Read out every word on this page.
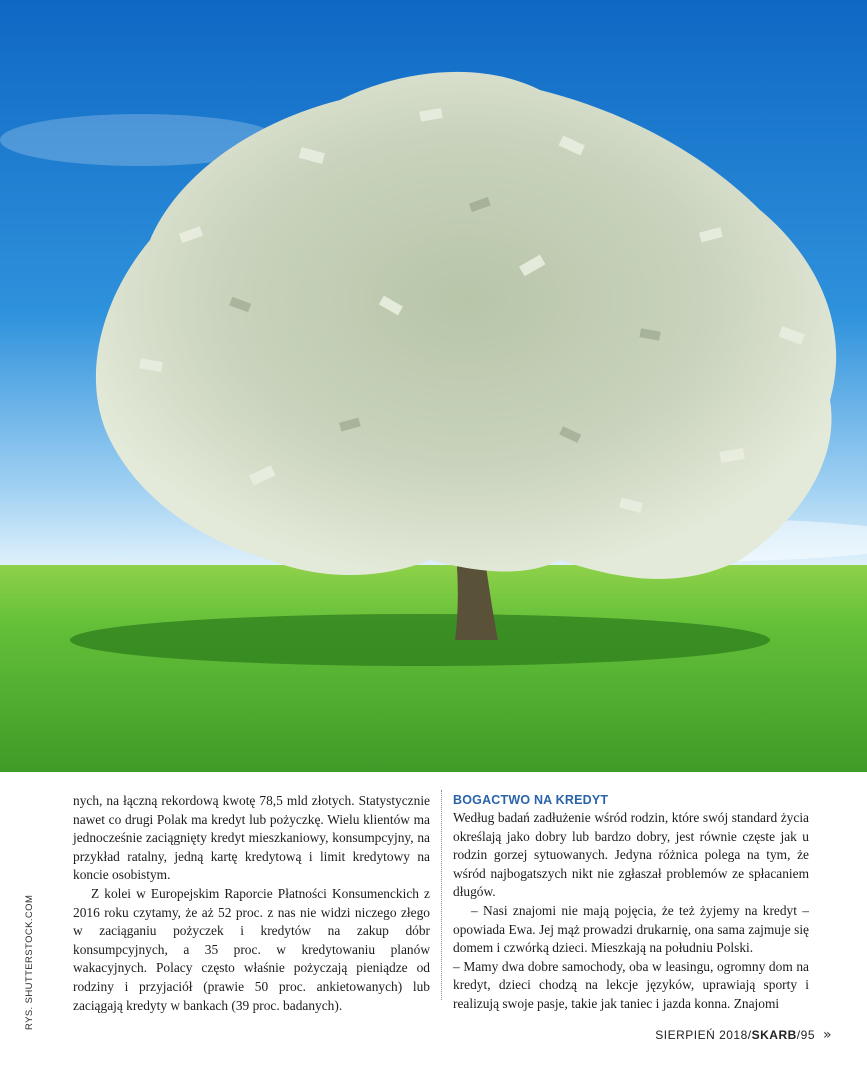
RYS. SHUTTERSTOCK.COM

nych, na łączną rekordową kwotę 78,5 mld złotych. Statystycznie nawet co drugi Polak ma kredyt lub pożyczkę. Wielu klientów ma jednocześnie zaciągnięty kredyt mieszkaniowy, konsumpcyjny, na przykład ratalny, jedną kartę kredytową i limit kredytowy na koncie osobistym.

Z kolei w Europejskim Raporcie Płatności Konsumenckich z 2016 roku czytamy, że aż 52 proc. z nas nie widzi niczego złego w zaciąganiu pożyczek i kredytów na zakup dóbr konsumpcyjnych, a 35 proc. w kredytowaniu planów wakacyjnych. Polacy często właśnie pożyczają pieniądze od rodziny i przyjaciół (prawie 50 proc. ankietowanych) lub zaciągają kredyty w bankach (39 proc. badanych).

BOGACTWO NA KREDYT

Według badań zadłużenie wśród rodzin, które swój standard życia określają jako dobry lub bardzo dobry, jest równie częste jak u rodzin gorzej sytuowanych. Jedyna różnica polega na tym, że wśród najbogatszych nikt nie zgłaszał problemów ze spłacaniem długów.

– Nasi znajomi nie mają pojęcia, że też żyjemy na kredyt – opowiada Ewa. Jej mąż prowadzi drukarnię, ona sama zajmuje się domem i czwórką dzieci. Mieszkają na południu Polski.

– Mamy dwa dobre samochody, oba w leasingu, ogromny dom na kredyt, dzieci chodzą na lekcje języków, uprawiają sporty i realizują swoje pasje, takie jak taniec i jazda konna. Znajomi

SIERPIEŃ 2018/SKARB/95 »
